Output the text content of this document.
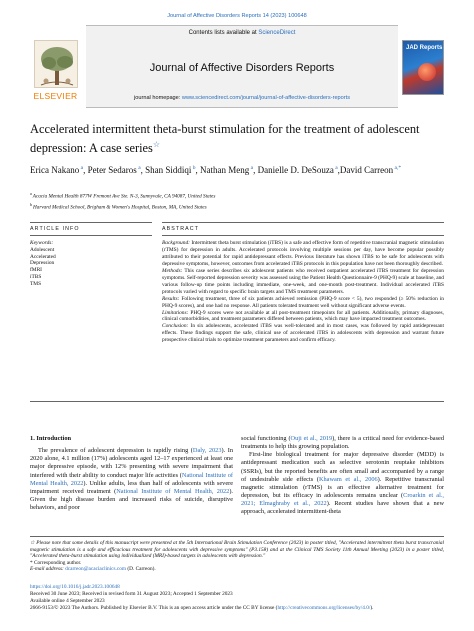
Journal of Affective Disorders Reports 14 (2023) 100648
ELSEVIER
Contents lists available at ScienceDirect
Journal of Affective Disorders Reports
journal homepage: www.sciencedirect.com/journal/journal-of-affective-disorders-reports
JAD Reports
Accelerated intermittent theta-burst stimulation for the treatment of adolescent depression: A case series☆
Erica Nakano $^a$, Peter Sedaros $^a$, Shan Siddiqi $^b$, Nathan Meng $^a$, Danielle D. DeSouza $^a$,David Carreon $^{a,*}$
$^a$ Acacia Mental Health 877W Fremont Ave Ste. N-3, Sunnyvale, CA 94087, United States
$^b$ Harvard Medical School, Brigham & Women's Hospital, Boston, MA, United States
ARTICLE INFO	ABSTRACT
Keywords:
Adolescent
Accelerated
Depression
fMRI
iTBS
TMS

Background: Intermittent theta burst stimulation (iTBS) is a safe and effective form of repetitive transcranial magnetic stimulation (rTMS) for depression in adults. Accelerated protocols involving multiple sessions per day, have become popular possibly attributed to their potential for rapid antidepressant effects. Previous literature has shown iTBS to be safe for adolescents with depressive symptoms, however, outcomes from accelerated iTBS protocols in this population have not been thoroughly described.

Methods: This case series describes six adolescent patients who received outpatient accelerated iTBS treatment for depression symptoms. Self-reported depression severity was assessed using the Patient Health Questionnaire-9 (PHQ-9) scale at baseline, and various follow-up time points including immediate, one-week, and one-month post-treatment. Individual accelerated iTBS protocols varied with regard to specific brain targets and TMS treatment parameters.

Results: Following treatment, three of six patients achieved remission (PHQ-9 score < 5), two responded (≥ 50% reduction in PHQ-9 scores), and one had no response. All patients tolerated treatment well without significant adverse events.

Limitations: PHQ-9 scores were not available at all post-treatment timepoints for all patients. Additionally, primary diagnoses, clinical comorbidities, and treatment parameters differed between patients, which may have impacted treatment outcomes.

Conclusion: In six adolescents, accelerated iTBS was well-tolerated and in most cases, was followed by rapid antidepressant effects. These findings support the safe, clinical use of accelerated iTBS in adolescents with depression and warrant future prospective clinical trials to optimize treatment parameters and confirm efficacy.

1. Introduction

The prevalence of adolescent depression is rapidly rising (Daly, 2023). In 2020 alone, 4.1 million (17%) adolescents aged 12–17 experienced at least one major depressive episode, with 12% presenting with severe impairment that interfered with their ability to conduct major life activities (National Institute of Mental Health, 2022). Unlike adults, less than half of adolescents with severe impairment received treatment (National Institute of Mental Health, 2022). Given the high disease burden and increased risks of suicide, disruptive behaviors, and poor

social functioning (Ouji et al., 2019), there is a critical need for evidence-based treatments to help this growing population.

First-line biological treatment for major depressive disorder (MDD) is antidepressant medication such as selective serotonin reuptake inhibitors (SSRIs), but the reported benefits are often small and accompanied by a range of undesirable side effects (Khawam et al., 2006). Repetitive transcranial magnetic stimulation (rTMS) is an effective alternative treatment for depression, but its efficacy in adolescents remains unclear (Croarkin et al., 2021; Elmaghraby et al., 2022). Recent studies have shown that a new approach, accelerated intermittent-theta

☆ Please note that some details of this manuscript were presented at the 5th International Brain Stimulation Conference (2023) in poster titled, "Accelerated intermittent theta burst transcranial magnetic stimulation is a safe and efficacious treatment for adolescents with depressive symptoms" (P3.158) and at the Clinical TMS Society 11th Annual Meeting (2023) in a poster titled, "Accelerated theta-burst stimulation using individualized (MRI)-based targets in adolescents with depression."

* Corresponding author.

E-mail address: dcarreon@acaciaclinics.com (D. Carreon).

https://doi.org/10.1016/j.jadr.2023.100648
Received 30 June 2023; Received in revised form 31 August 2023; Accepted 1 September 2023
Available online 4 September 2023
2666-9153/© 2023 The Authors. Published by Elsevier B.V. This is an open access article under the CC BY license (http://creativecommons.org/licenses/by/4.0/).
